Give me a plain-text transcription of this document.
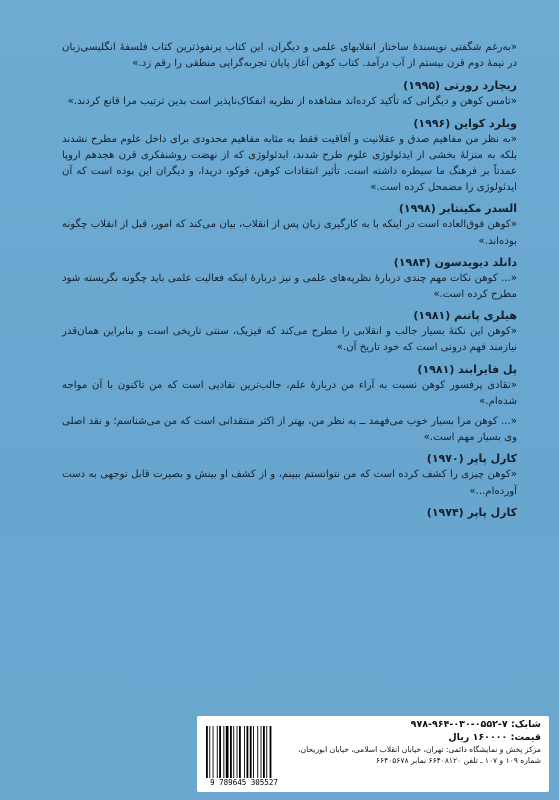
«به‌رغم شگفتی نویسندهٔ ساختار انقلابهای علمی و دیگران، این کتاب پرنفوذترین کتاب فلسفهٔ انگلیسی‌زبان در نیمهٔ دوم قرن بیستم از آب درآمد. کتاب کوهن آغاز پایان تجربه‌گرایی منطقی را رقم زد.»

ریچارد رورتی (۱۹۹۵)

«تامس کوهن و دیگرانی که تأکید کرده‌اند مشاهده از نظریه انفکاک‌ناپذیر است بدین ترتیب مرا قانع کردند.»

ویلرد کواین (۱۹۹۶)

«به نظر من مفاهیم صدق و عقلانیت و آفاقیت فقط به مثابه مفاهیم محدودی برای داخل علوم مطرح نشدند بلکه به منزلهٔ بخشی از ایدئولوژی علوم طرح شدند، ایدئولوژی که از نهضت روشنفکری قرن هجدهم اروپا عمدتاً بر فرهنگ ما سیطره داشته است. تأثیر انتقادات کوهن، فوکو، دریدا، و دیگران این بوده است که آن ایدئولوژی را مضمحل کرده است.»

السدر مکینتایر (۱۹۹۸)

«کوهن فوق‌العاده است در اینکه با به کارگیری زبان پس از انقلاب، بیان می‌کند که امور، قبل از انقلاب چگونه بوده‌اند.»

دانلد دیویدسون (۱۹۸۴)

«... کوهن نکات مهم چندی دربارهٔ نظریه‌های علمی و نیز دربارهٔ اینکه فعالیت علمی باید چگونه نگریسته شود مطرح کرده است.»

هیلری پاتنم (۱۹۸۱)

«کوهن این نکتهٔ بسیار جالب و انقلابی را مطرح می‌کند که فیزیک، سنتی تاریخی است و بنابراین همان‌قدر نیازمند فهم درونی است که خود تاریخ آن.»

پل فایرابند (۱۹۸۱)

«نقادی پرفسور کوهن نسبت به آراء من دربارهٔ علم، جالب‌ترین نقادیی است که من تاکنون با آن مواجه شده‌ام.»

«... کوهن مرا بسیار خوب می‌فهمد ــ به نظر من، بهتر از اکثر منتقدانی است که من می‌شناسم؛ و نقد اصلی وی بسیار مهم است.»

کارل پاپر (۱۹۷۰)

«کوهن چیزی را کشف کرده است که من نتوانستم ببینم، و از کشف او بینش و بصیرت قابل توجهی به دست آورده‌ام...»

کارل پاپر (۱۹۷۴)

شابک: ۷-۰۵۵۲-۰۳۰-۹۶۴-۹۷۸
قیمت: ۱۶۰۰۰۰ ریال
مرکز پخش و نمایشگاه دائمی: تهران، خیابان انقلاب اسلامی، خیابان ابوریحان، شماره ۱۰۹ و ۱۰۷ ـ تلفن ۶۶۴۰۸۱۲۰ نمابر ۶۶۴۰۵۶۷۸
9 789645 305527
